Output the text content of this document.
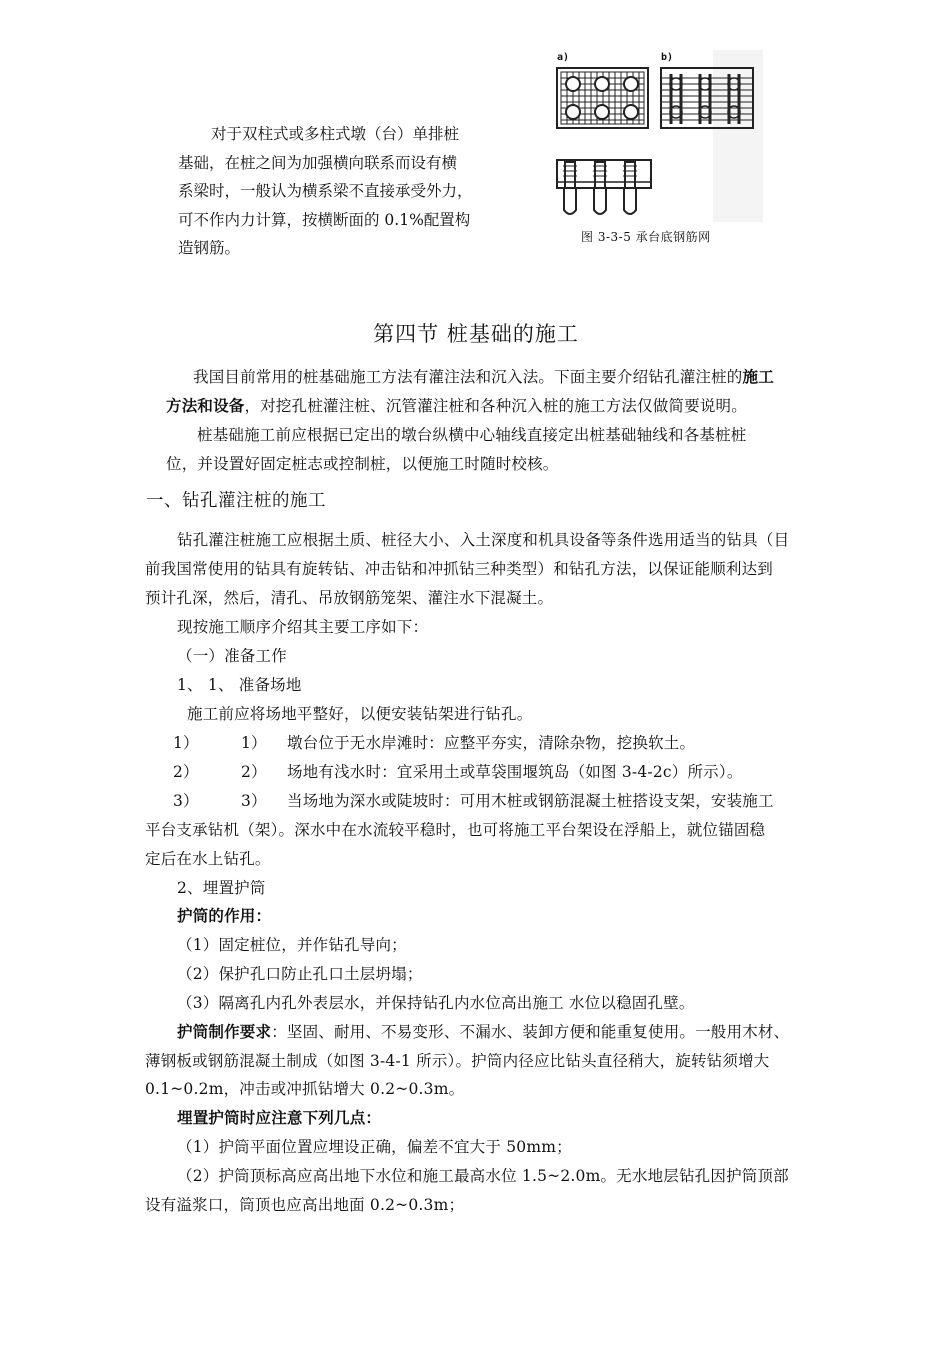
a)	b)
图 3-3-5 承台底钢筋网
对于双柱式或多柱式墩（台）单排桩
基础，在桩之间为加强横向联系而设有横
系梁时，一般认为横系梁不直接承受外力，
可不作内力计算，按横断面的 0.1%配置构
造钢筋。
第四节 桩基础的施工
我国目前常用的桩基础施工方法有灌注法和沉入法。下面主要介绍钻孔灌注桩的施工
方法和设备，对挖孔桩灌注桩、沉管灌注桩和各种沉入桩的施工方法仅做简要说明。
桩基础施工前应根据已定出的墩台纵横中心轴线直接定出桩基础轴线和各基桩桩
位，并设置好固定桩志或控制桩，以便施工时随时校核。
一、钻孔灌注桩的施工
钻孔灌注桩施工应根据土质、桩径大小、入土深度和机具设备等条件选用适当的钻具（目
前我国常使用的钻具有旋转钻、冲击钻和冲抓钻三种类型）和钻孔方法，以保证能顺利达到
预计孔深，然后，清孔、吊放钢筋笼架、灌注水下混凝土。
现按施工顺序介绍其主要工序如下：
（一）准备工作
1、 1、 准备场地
施工前应将场地平整好，以便安装钻架进行钻孔。
1）	1） 墩台位于无水岸滩时：应整平夯实，清除杂物，挖换软土。
2）	2） 场地有浅水时：宜采用土或草袋围堰筑岛（如图 3-4-2c）所示）。
3）	3） 当场地为深水或陡坡时：可用木桩或钢筋混凝土桩搭设支架，安装施工
平台支承钻机（架）。深水中在水流较平稳时，也可将施工平台架设在浮船上，就位锚固稳
定后在水上钻孔。
2、埋置护筒
护筒的作用：
（1）固定桩位，并作钻孔导向；
（2）保护孔口防止孔口土层坍塌；
（3）隔离孔内孔外表层水，并保持钻孔内水位高出施工 水位以稳固孔壁。
护筒制作要求：坚固、耐用、不易变形、不漏水、装卸方便和能重复使用。一般用木材、
薄钢板或钢筋混凝土制成（如图 3-4-1 所示）。护筒内径应比钻头直径稍大，旋转钻须增大
0.1~0.2m，冲击或冲抓钻增大 0.2~0.3m。
埋置护筒时应注意下列几点：
（1）护筒平面位置应埋设正确，偏差不宜大于 50mm；
（2）护筒顶标高应高出地下水位和施工最高水位 1.5~2.0m。无水地层钻孔因护筒顶部
设有溢浆口，筒顶也应高出地面 0.2~0.3m；
